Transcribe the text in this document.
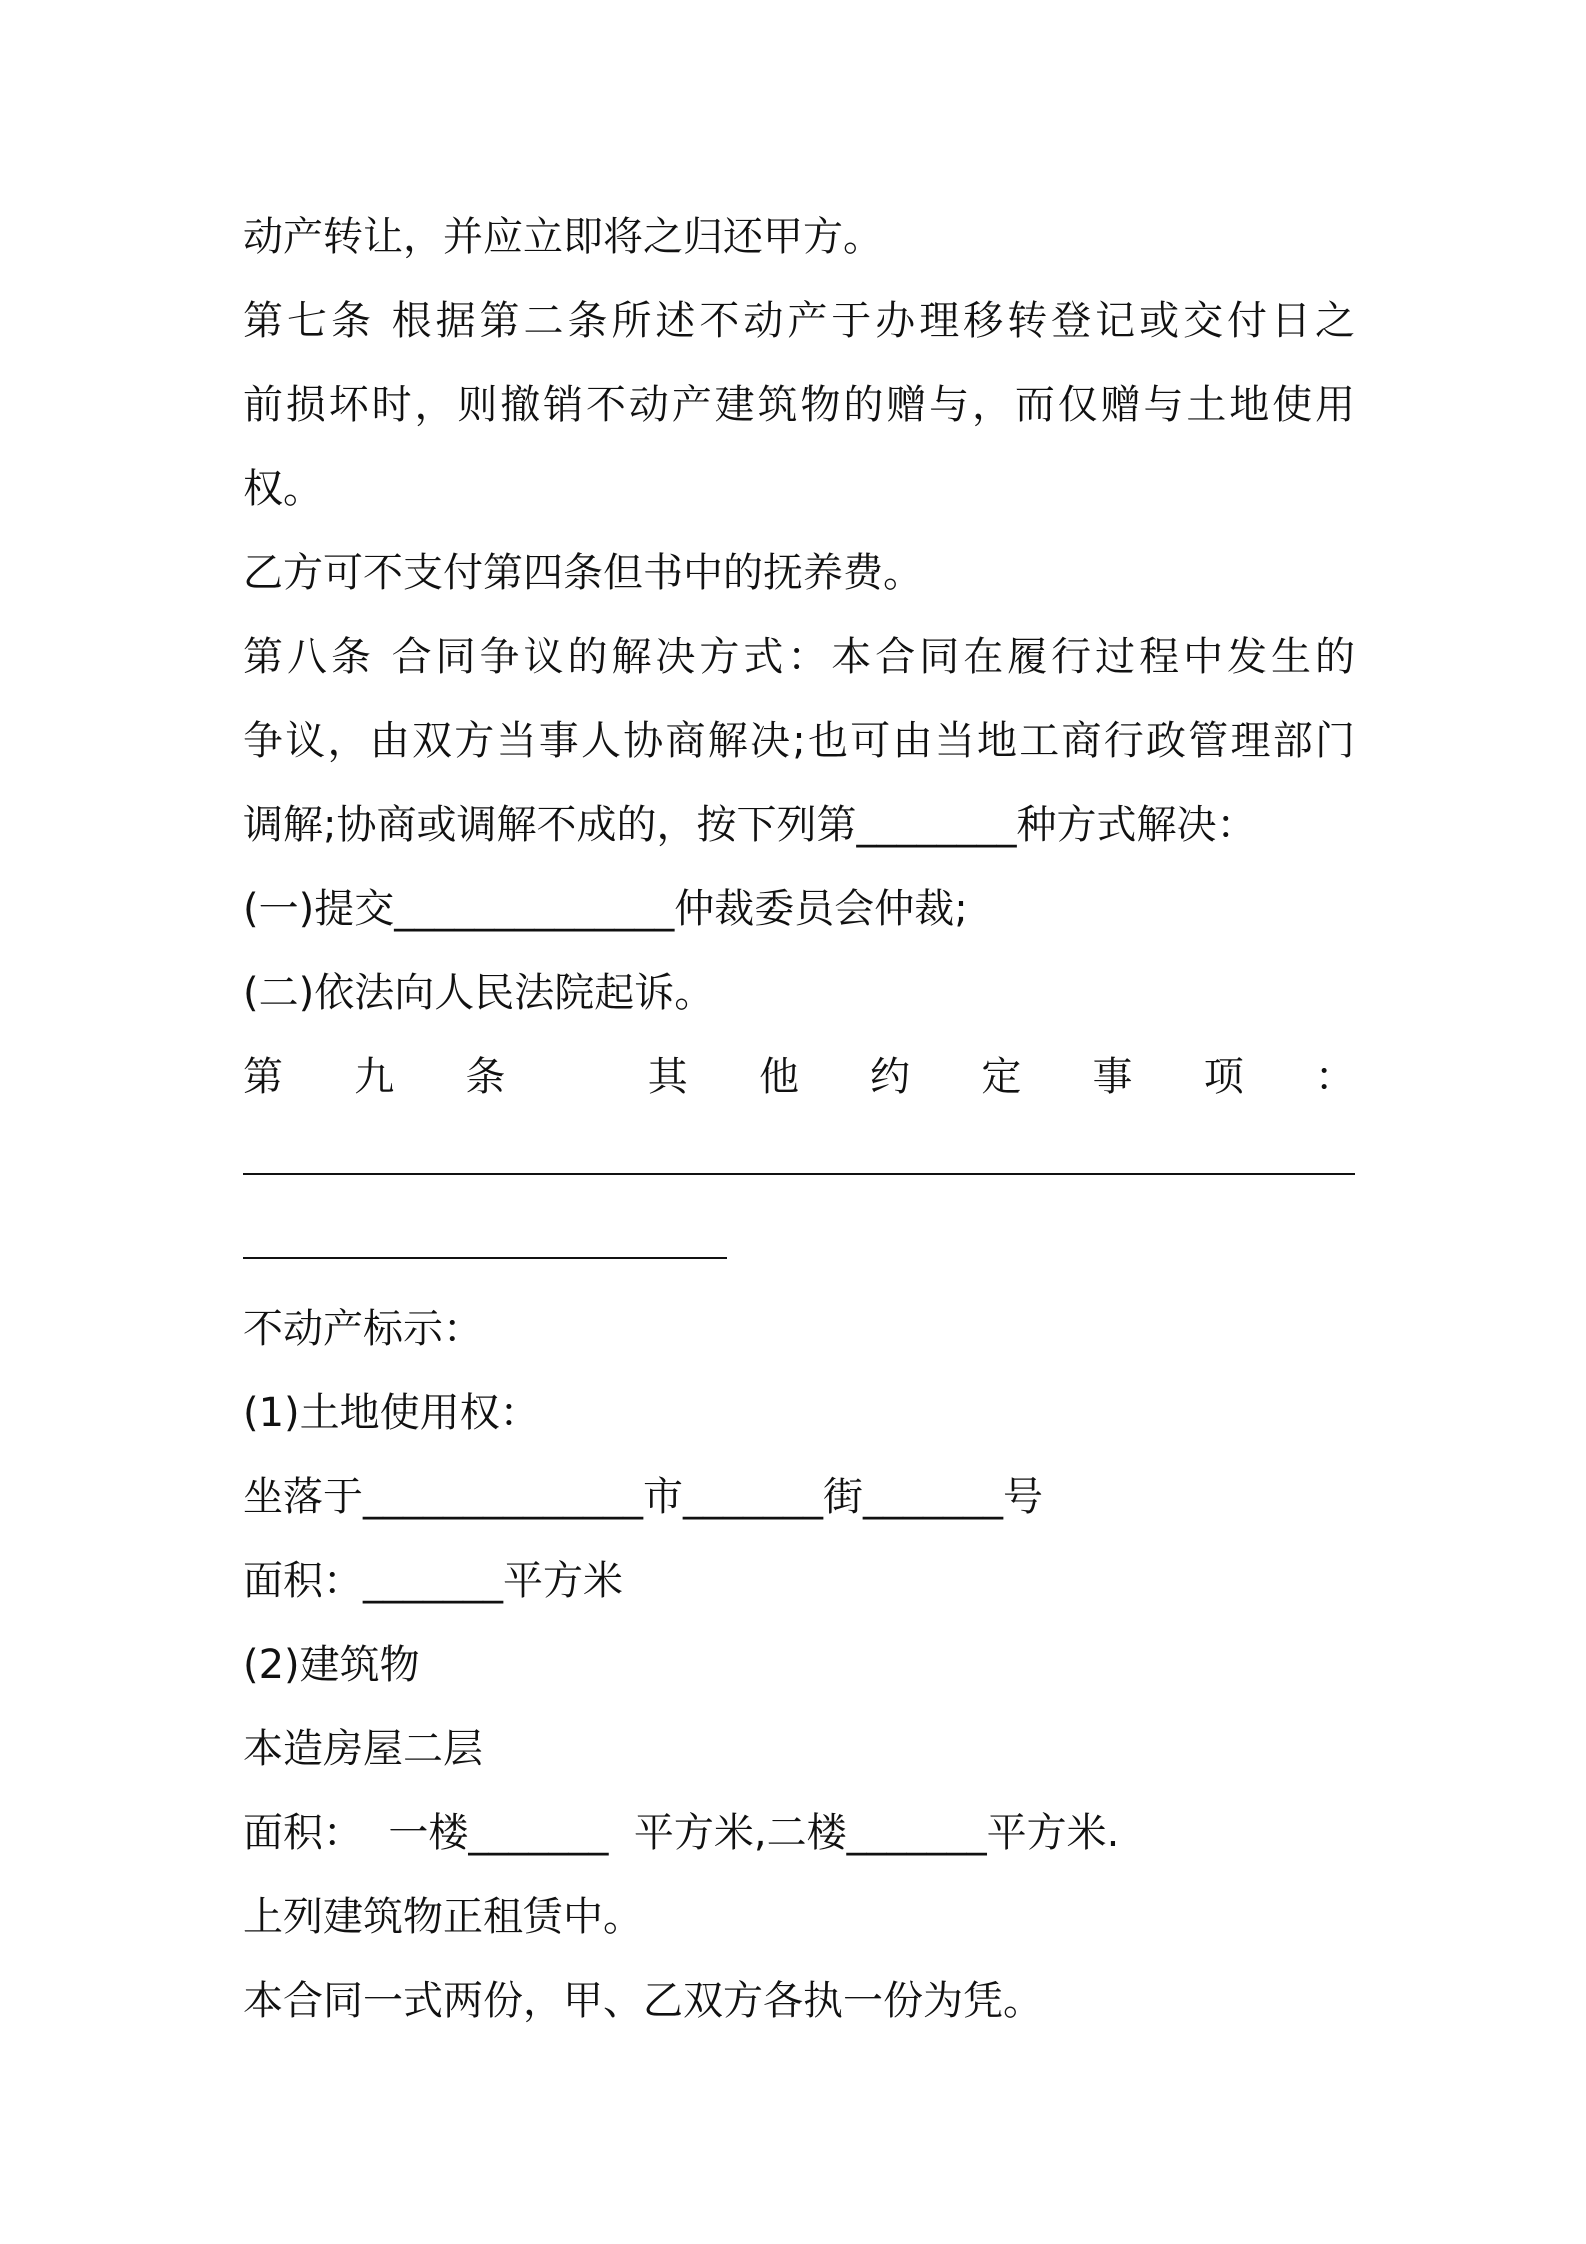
动产转让，并应立即将之归还甲方。
第七条 根据第二条所述不动产于办理移转登记或交付日之
前损坏时，则撤销不动产建筑物的赠与，而仅赠与土地使用
权。
乙方可不支付第四条但书中的抚养费。
第八条 合同争议的解决方式：本合同在履行过程中发生的
争议，由双方当事人协商解决;也可由当地工商行政管理部门
调解;协商或调解不成的，按下列第________种方式解决：
(一)提交______________仲裁委员会仲裁;
(二)依法向人民法院起诉。
第 九 条	其 他 约 定 事 项 ：
不动产标示：
(1)土地使用权：
坐落于______________市_______街_______号
面积：_______平方米
(2)建筑物
本造房屋二层
面积：  一楼_______  平方米,二楼_______平方米.
上列建筑物正租赁中。
本合同一式两份，甲、乙双方各执一份为凭。
